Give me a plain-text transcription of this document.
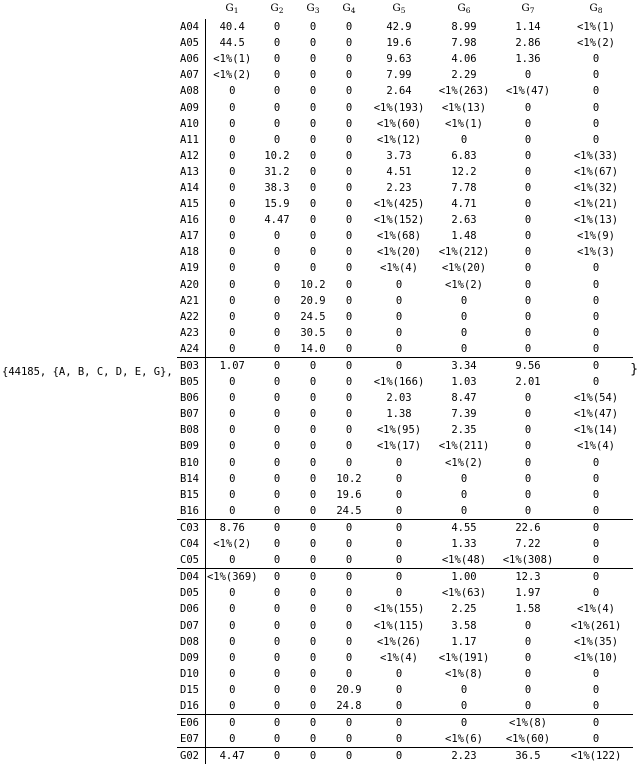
{44185, {A, B, C, D, E, G},	}
	$G_1$	$G_2$	$G_3$	$G_4$	$G_5$	$G_6$	$G_7$	$G_8$
A04	40.4	0	0	0	42.9	8.99	1.14	<1%(1)
A05	44.5	0	0	0	19.6	7.98	2.86	<1%(2)
A06	<1%(1)	0	0	0	9.63	4.06	1.36	0
A07	<1%(2)	0	0	0	7.99	2.29	0	0
A08	0	0	0	0	2.64	<1%(263)	<1%(47)	0
A09	0	0	0	0	<1%(193)	<1%(13)	0	0
A10	0	0	0	0	<1%(60)	<1%(1)	0	0
A11	0	0	0	0	<1%(12)	0	0	0
A12	0	10.2	0	0	3.73	6.83	0	<1%(33)
A13	0	31.2	0	0	4.51	12.2	0	<1%(67)
A14	0	38.3	0	0	2.23	7.78	0	<1%(32)
A15	0	15.9	0	0	<1%(425)	4.71	0	<1%(21)
A16	0	4.47	0	0	<1%(152)	2.63	0	<1%(13)
A17	0	0	0	0	<1%(68)	1.48	0	<1%(9)
A18	0	0	0	0	<1%(20)	<1%(212)	0	<1%(3)
A19	0	0	0	0	<1%(4)	<1%(20)	0	0
A20	0	0	10.2	0	0	<1%(2)	0	0
A21	0	0	20.9	0	0	0	0	0
A22	0	0	24.5	0	0	0	0	0
A23	0	0	30.5	0	0	0	0	0
A24	0	0	14.0	0	0	0	0	0
B03	1.07	0	0	0	0	3.34	9.56	0
B05	0	0	0	0	<1%(166)	1.03	2.01	0
B06	0	0	0	0	2.03	8.47	0	<1%(54)
B07	0	0	0	0	1.38	7.39	0	<1%(47)
B08	0	0	0	0	<1%(95)	2.35	0	<1%(14)
B09	0	0	0	0	<1%(17)	<1%(211)	0	<1%(4)
B10	0	0	0	0	0	<1%(2)	0	0
B14	0	0	0	10.2	0	0	0	0
B15	0	0	0	19.6	0	0	0	0
B16	0	0	0	24.5	0	0	0	0
C03	8.76	0	0	0	0	4.55	22.6	0
C04	<1%(2)	0	0	0	0	1.33	7.22	0
C05	0	0	0	0	0	<1%(48)	<1%(308)	0
D04	<1%(369)	0	0	0	0	1.00	12.3	0
D05	0	0	0	0	0	<1%(63)	1.97	0
D06	0	0	0	0	<1%(155)	2.25	1.58	<1%(4)
D07	0	0	0	0	<1%(115)	3.58	0	<1%(261)
D08	0	0	0	0	<1%(26)	1.17	0	<1%(35)
D09	0	0	0	0	<1%(4)	<1%(191)	0	<1%(10)
D10	0	0	0	0	0	<1%(8)	0	0
D15	0	0	0	20.9	0	0	0	0
D16	0	0	0	24.8	0	0	0	0
E06	0	0	0	0	0	0	<1%(8)	0
E07	0	0	0	0	0	<1%(6)	<1%(60)	0
G02	4.47	0	0	0	0	2.23	36.5	<1%(122)
